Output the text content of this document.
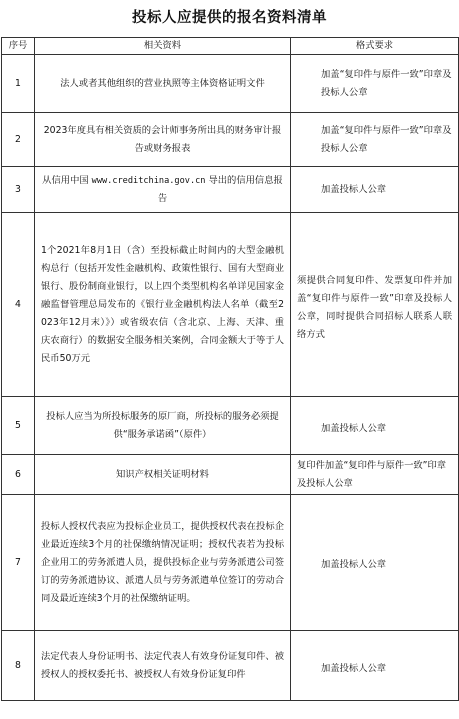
投标人应提供的报名资料清单
序号	相关资料	格式要求
1	法人或者其他组织的营业执照等主体资格证明文件	加盖“复印件与原件一致”印章及投标人公章
2	2023年度具有相关资质的会计师事务所出具的财务审计报告或财务报表	加盖“复印件与原件一致”印章及投标人公章
3	从信用中国 www.creditchina.gov.cn 导出的信用信息报告	加盖投标人公章
4	1个2021年8月1日（含）至投标截止时间内的大型金融机构总行（包括开发性金融机构、政策性银行、国有大型商业银行、股份制商业银行，以上四个类型机构名单详见国家金融监督管理总局发布的《银行业金融机构法人名单（截至2023年12月末）》）或省级农信（含北京、上海、天津、重庆农商行）的数据安全服务相关案例，合同金额大于等于人民币50万元	须提供合同复印件、发票复印件并加盖“复印件与原件一致”印章及投标人公章，同时提供合同招标人联系人联络方式
5	投标人应当为所投标服务的原厂商，所投标的服务必须提供“服务承诺函”（原件）	加盖投标人公章
6	知识产权相关证明材料	复印件加盖“复印件与原件一致”印章及投标人公章
7	投标人授权代表应为投标企业员工，提供授权代表在投标企业最近连续3个月的社保缴纳情况证明；授权代表若为投标企业用工的劳务派遣人员，提供投标企业与劳务派遣公司签订的劳务派遣协议、派遣人员与劳务派遣单位签订的劳动合同及最近连续3个月的社保缴纳证明。	加盖投标人公章
8	法定代表人身份证明书、法定代表人有效身份证复印件、被授权人的授权委托书、被授权人有效身份证复印件	加盖投标人公章
